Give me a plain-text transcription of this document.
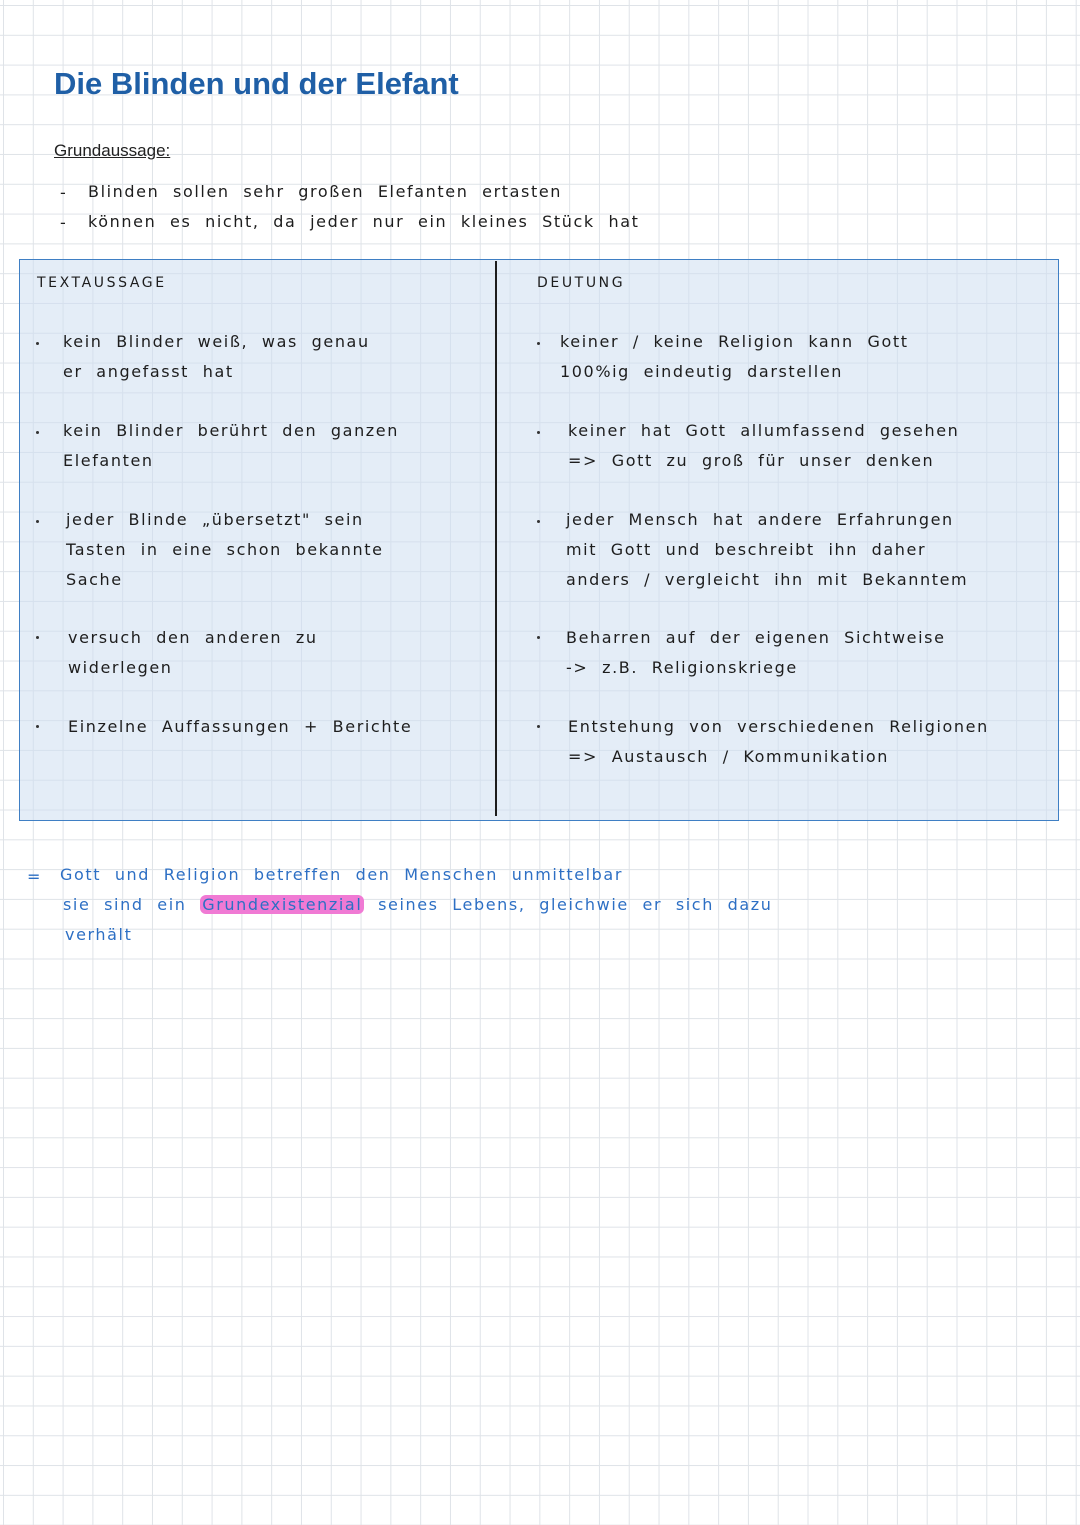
Die Blinden und der Elefant
Grundaussage:
- Blinden sollen sehr großen Elefanten ertasten
- können es nicht, da jeder nur ein kleines Stück hat
TEXTAUSSAGE	DEUTUNG
kein Blinder weiß, was genau
er angefasst hat
keiner / keine Religion kann Gott
100%ig eindeutig darstellen
kein Blinder berührt den ganzen
Elefanten
keiner hat Gott allumfassend gesehen
=> Gott zu groß für unser denken
jeder Blinde „übersetzt" sein
Tasten in eine schon bekannte
Sache
jeder Mensch hat andere Erfahrungen
mit Gott und beschreibt ihn daher
anders / vergleicht ihn mit Bekanntem
versuch den anderen zu
widerlegen
Beharren auf der eigenen Sichtweise
-> z.B. Religionskriege
Einzelne Auffassungen + Berichte	Entstehung von verschiedenen Religionen
=> Austausch / Kommunikation
= Gott und Religion betreffen den Menschen unmittelbar
sie sind ein Grundexistenzial seines Lebens, gleichwie er sich dazu
verhält
